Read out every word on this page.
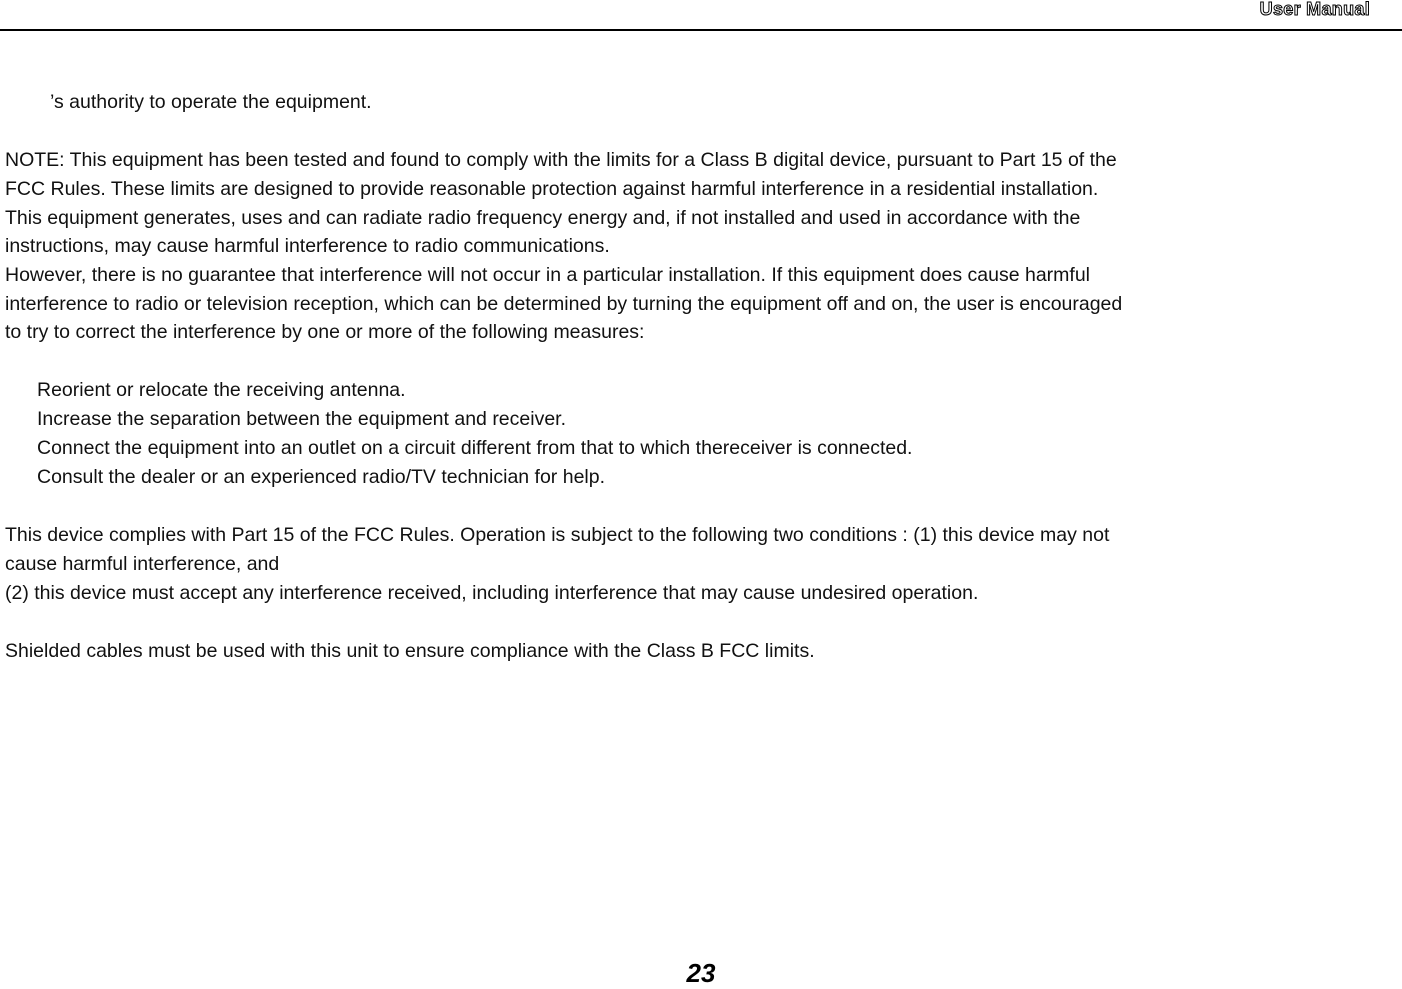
User Manual
’s authority to operate the equipment.
NOTE: This equipment has been tested and found to comply with the limits for a Class B digital device, pursuant to Part 15 of the
FCC Rules. These limits are designed to provide reasonable protection against harmful interference in a residential installation.
This equipment generates, uses and can radiate radio frequency energy and, if not installed and used in accordance with the
instructions, may cause harmful interference to radio communications.
However, there is no guarantee that interference will not occur in a particular installation. If this equipment does cause harmful
interference to radio or television reception, which can be determined by turning the equipment off and on, the user is encouraged
to try to correct the interference by one or more of the following measures:
Reorient or relocate the receiving antenna.
Increase the separation between the equipment and receiver.
Connect the equipment into an outlet on a circuit different from that to which thereceiver is connected.
Consult the dealer or an experienced radio/TV technician for help.
This device complies with Part 15 of the FCC Rules. Operation is subject to the following two conditions : (1) this device may not
cause harmful interference, and
(2) this device must accept any interference received, including interference that may cause undesired operation.
Shielded cables must be used with this unit to ensure compliance with the Class B FCC limits.
23
